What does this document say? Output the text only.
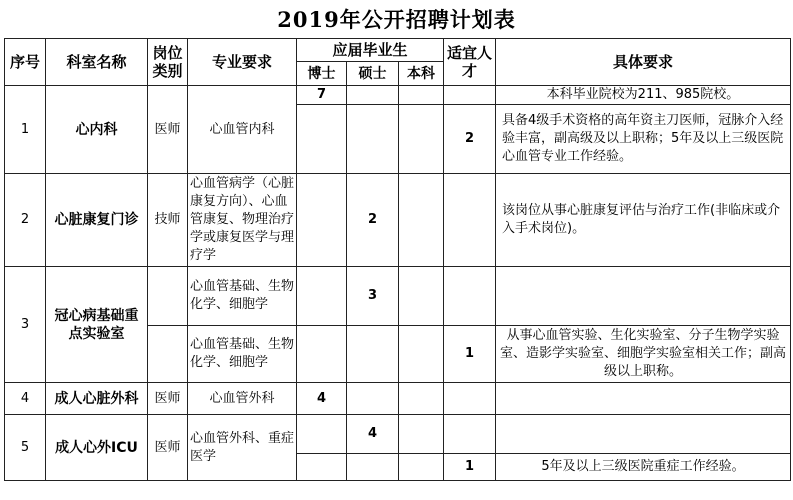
2019年公开招聘计划表
序号	科室名称	岗位类别	专业要求	应届毕业生			适宜人才	具体要求
				博士	硕士	本科		
1	心内科	医师	心血管内科	7				本科毕业院校为211、985院校。
							2	具备4级手术资格的高年资主刀医师，冠脉介入经验丰富，副高级及以上职称；5年及以上三级医院心血管专业工作经验。
2	心脏康复门诊	技师	心血管病学（心脏康复方向）、心血管康复、物理治疗学或康复医学与理疗学		2			该岗位从事心脏康复评估与治疗工作(非临床或介入手术岗位)。
3	冠心病基础重点实验室		心血管基础、生物化学、细胞学		3			
			心血管基础、生物化学、细胞学				1	从事心血管实验、生化实验室、分子生物学实验室、造影学实验室、细胞学实验室相关工作；副高级以上职称。
4	成人心脏外科	医师	心血管外科	4				
5	成人心外ICU	医师	心血管外科、重症医学		4			
							1	5年及以上三级医院重症工作经验。
